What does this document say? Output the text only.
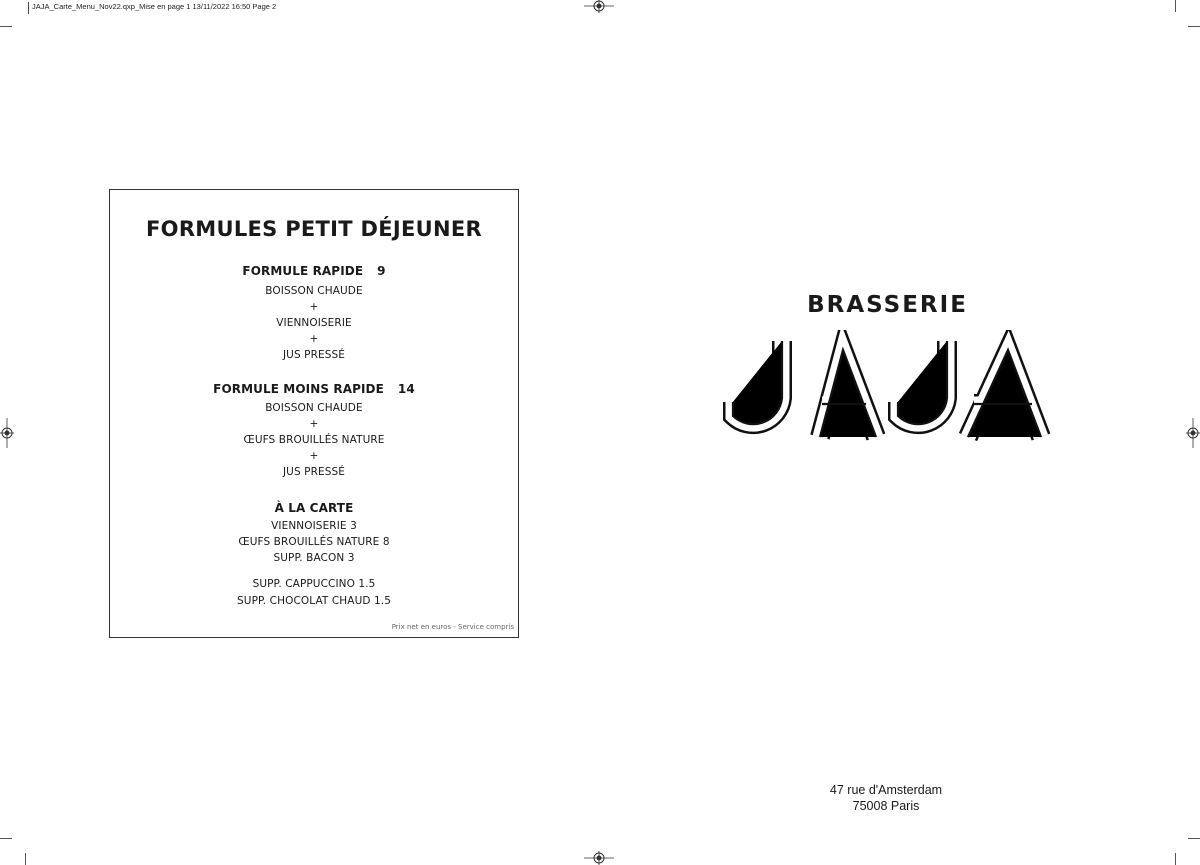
JAJA_Carte_Menu_Nov22.qxp_Mise en page 1 13/11/2022 16:50 Page 2
FORMULES PETIT DÉJEUNER
FORMULE RAPIDE 9
BOISSON CHAUDE
+
VIENNOISERIE
+
JUS PRESSÉ
FORMULE MOINS RAPIDE 14
BOISSON CHAUDE
+
ŒUFS BROUILLÉS NATURE
+
JUS PRESSÉ
À LA CARTE
VIENNOISERIE 3
ŒUFS BROUILLÉS NATURE 8
SUPP. BACON 3
SUPP. CAPPUCCINO 1.5
SUPP. CHOCOLAT CHAUD 1.5
Prix net en euros - Service compris
BRASSERIE
47 rue d'Amsterdam
75008 Paris
